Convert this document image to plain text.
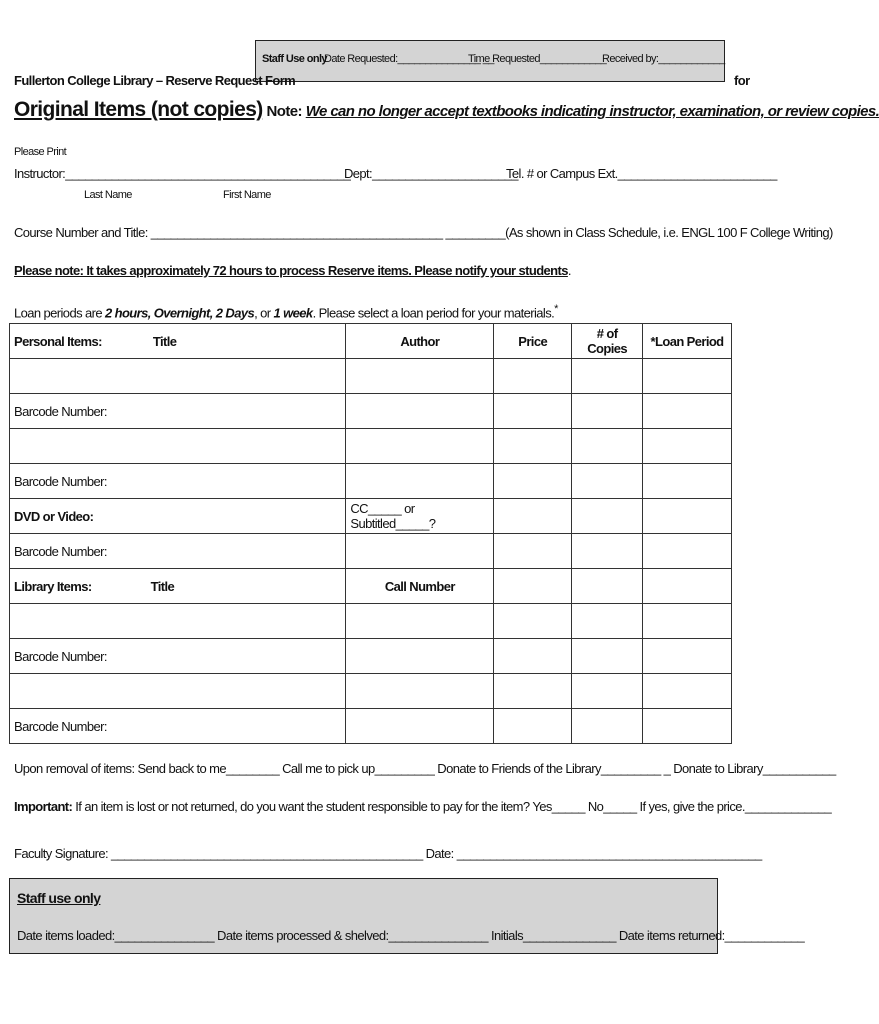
Staff Use only
Date Requested:_______________ __
Time Requested____________
Received by:____________
Fullerton College Library – Reserve Request Form	for
Original Items (not copies) Note: We can no longer accept textbooks indicating instructor, examination, or review copies.
Please Print
Instructor:___________________________________________
Dept:______________________
Tel. # or Campus Ext.________________________
Last Name	First Name
Course Number and Title: ____________________________________________ _________(As shown in Class Schedule, i.e. ENGL 100 F College Writing)
Please note: It takes approximately 72 hours to process Reserve items. Please notify your students.
Loan periods are 2 hours, Overnight, 2 Days, or 1 week. Please select a loan period for your materials.*
Personal Items: Title	Author	Price	# of Copies	*Loan Period

Barcode Number:				

Barcode Number:				
DVD or Video:	CC_____ or Subtitled_____?			
Barcode Number:				
Library Items: Title	Call Number			

Barcode Number:				

Barcode Number:				
Upon removal of items: Send back to me________ Call me to pick up_________ Donate to Friends of the Library_________ _ Donate to Library___________
Important: If an item is lost or not returned, do you want the student responsible to pay for the item? Yes_____ No_____ If yes, give the price._____________
Faculty Signature: _______________________________________________ Date: ______________________________________________
Staff use only
Date items loaded:_______________ Date items processed & shelved:_______________ Initials______________ Date items returned:____________
